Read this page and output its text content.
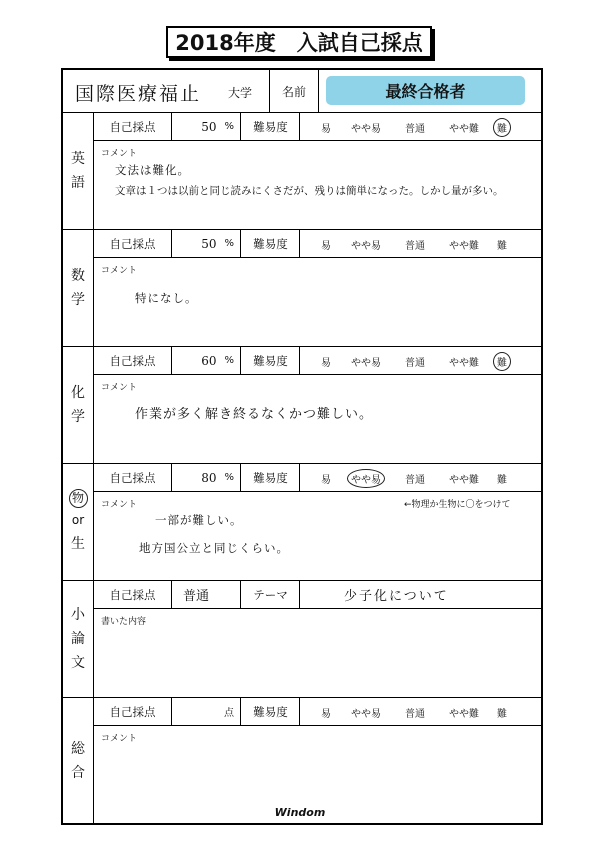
2018年度　入試自己採点
国際医療福止 大学	名前	最終合格者
英
語
自己採点	50 %	難易度	易 やや易 普通 やや難	難
コメント
文法は難化。
文章は１つは以前と同じ読みにくさだが、残りは簡単になった。しかし量が多い。
数
学
自己採点	50 %	難易度	易 やや易 普通 やや難 難
コメント
特になし。
化
学
自己採点	60 %	難易度	易 やや易 普通 やや難	難
コメント
作業が多く解き終るなくかつ難しい。
物
or
生
自己採点	80 %	難易度	易	やや易	普通 やや難 難
コメント	←物理か生物に〇をつけて
一部が難しい。
地方国公立と同じくらい。
小
論
文
自己採点	普通	テーマ	少子化について
書いた内容
総
合
自己採点	点	難易度	易 やや易 普通 やや難 難
コメント
Windom
